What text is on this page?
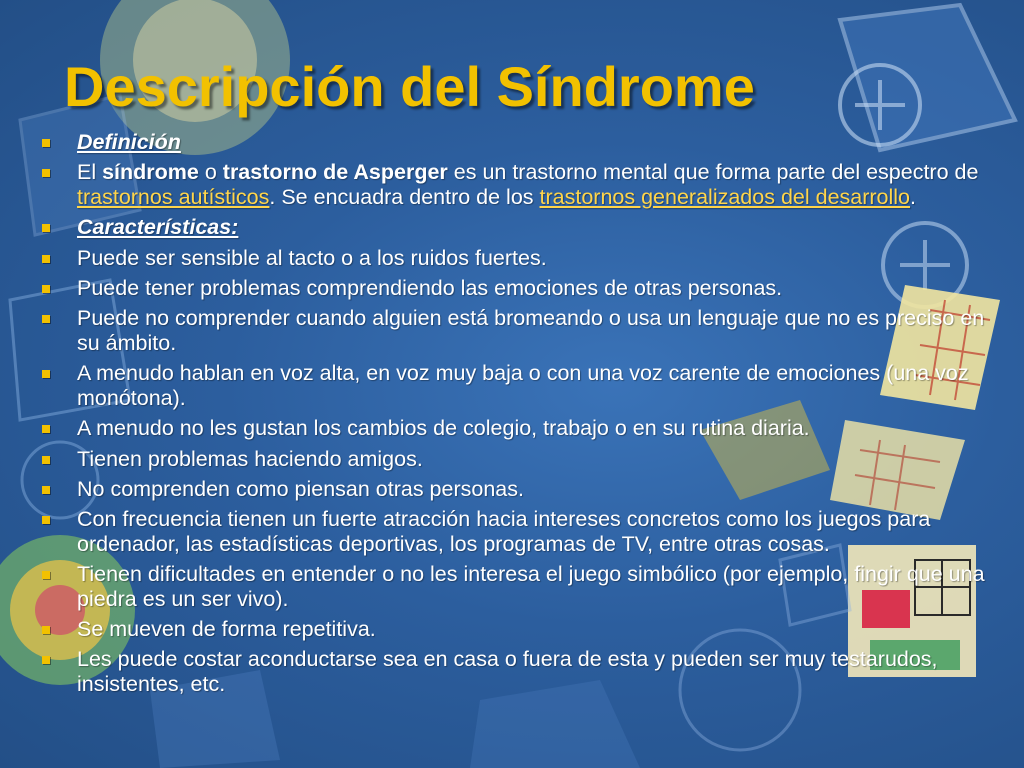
Descripción del Síndrome
Definición
El síndrome o trastorno de Asperger es un trastorno mental que forma parte del espectro de trastornos autísticos. Se encuadra dentro de los trastornos generalizados del desarrollo.
Características:
Puede ser sensible al tacto o a los ruidos fuertes.
Puede tener problemas comprendiendo las emociones de otras personas.
Puede no comprender cuando alguien está bromeando o usa un lenguaje que no es preciso en su ámbito.
A menudo hablan en voz alta, en voz muy baja o con una voz carente de emociones (una voz monótona).
A menudo no les gustan los cambios de colegio, trabajo o en su rutina diaria.
Tienen problemas haciendo amigos.
No comprenden como piensan otras personas.
Con frecuencia tienen un fuerte atracción hacia intereses concretos como los juegos para ordenador, las estadísticas deportivas, los programas de TV, entre otras cosas.
Tienen dificultades en entender o no les interesa el juego simbólico (por ejemplo, fingir que una piedra es un ser vivo).
Se mueven de forma repetitiva.
Les puede costar aconductarse sea en casa o fuera de esta y pueden ser muy testarudos, insistentes, etc.
